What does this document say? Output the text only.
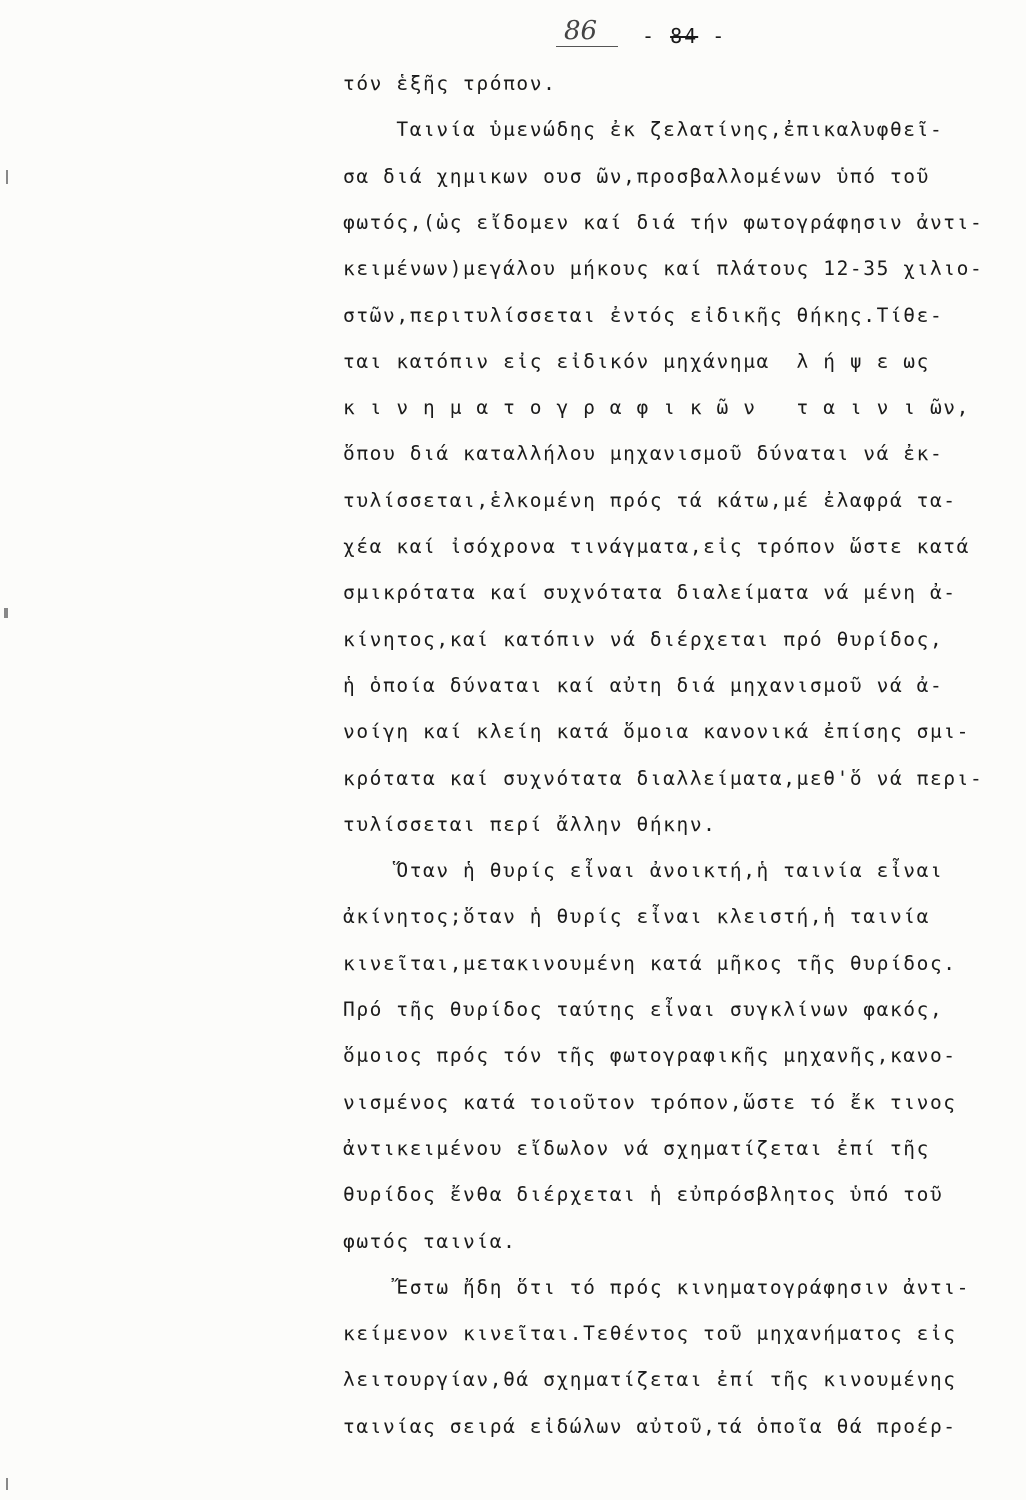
86 - 84 -
τόν ἑξῆς τρόπον.
Ταινία ὑμενώδης ἐκ ζελατίνης,ἐπικαλυφθεῖ-
σα διά χημικων ουσ ῶν,προσβαλλομένων ὑπό τοῦ
φωτός,(ὡς εἴδομεν καί διά τήν φωτογράφησιν ἀντι-
κειμένων)μεγάλου μήκους καί πλάτους 12-35 χιλιο-
στῶν,περιτυλίσσεται ἐντός εἰδικῆς θήκης.Τίθε-
ται κατόπιν εἰς εἰδικόν μηχάνημα  λ ή ψ ε ως
κ ι ν η μ α τ ο γ ρ α φ ι κ ῶ ν   τ α ι ν ι ῶν,
ὅπου διά καταλλήλου μηχανισμοῦ δύναται νά ἐκ-
τυλίσσεται,ἑλκομένη πρός τά κάτω,μέ ἐλαφρά τα-
χέα καί ἰσόχρονα τινάγματα,εἰς τρόπον ὥστε κατά
σμικρότατα καί συχνότατα διαλείματα νά μένη ἀ-
κίνητος,καί κατόπιν νά διέρχεται πρό θυρίδος,
ἡ ὁποία δύναται καί αὐτη διά μηχανισμοῦ νά ἀ-
νοίγη καί κλείη κατά ὅμοια κανονικά ἐπίσης σμι-
κρότατα καί συχνότατα διαλλείματα,μεθ'ὅ νά περι-
τυλίσσεται περί ἄλλην θήκην.
Ὅταν ἡ θυρίς εἶναι ἀνοικτή,ἡ ταινία εἶναι
ἀκίνητος;ὅταν ἡ θυρίς εἶναι κλειστή,ἡ ταινία
κινεῖται,μετακινουμένη κατά μῆκος τῆς θυρίδος.
Πρό τῆς θυρίδος ταύτης εἶναι συγκλίνων φακός,
ὅμοιος πρός τόν τῆς φωτογραφικῆς μηχανῆς,κανο-
νισμένος κατά τοιοῦτον τρόπον,ὥστε τό ἔκ τινος
ἀντικειμένου εἴδωλον νά σχηματίζεται ἐπί τῆς
θυρίδος ἔνθα διέρχεται ἡ εὐπρόσβλητος ὑπό τοῦ
φωτός ταινία.
Ἔστω ἤδη ὅτι τό πρός κινηματογράφησιν ἀντι-
κείμενον κινεῖται.Τεθέντος τοῦ μηχανήματος εἰς
λειτουργίαν,θά σχηματίζεται ἐπί τῆς κινουμένης
ταινίας σειρά εἰδώλων αὐτοῦ,τά ὁποῖα θά προέρ-
